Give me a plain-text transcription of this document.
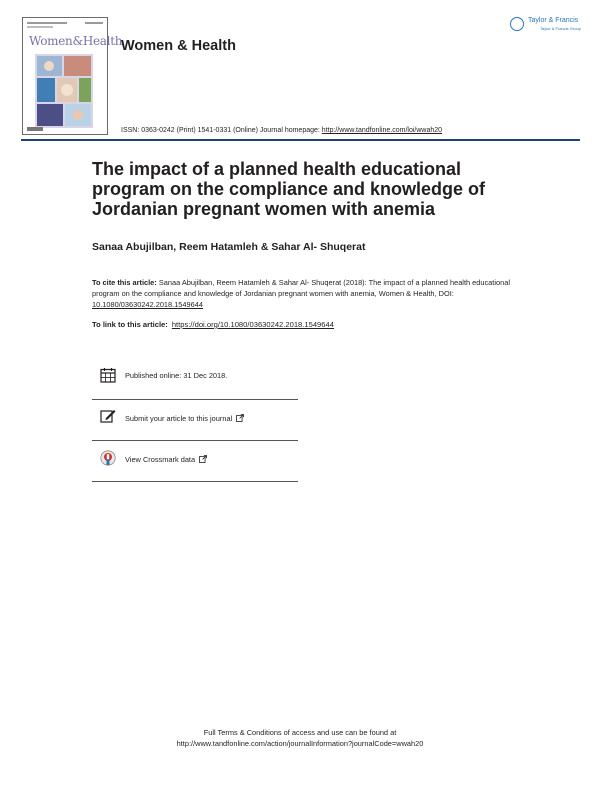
Women&Health
Women & Health
Taylor & Francis
Taylor & Francis Group
ISSN: 0363-0242 (Print) 1541-0331 (Online) Journal homepage: http://www.tandfonline.com/loi/wwah20
The impact of a planned health educational program on the compliance and knowledge of Jordanian pregnant women with anemia
Sanaa Abujilban, Reem Hatamleh & Sahar Al- Shuqerat
To cite this article: Sanaa Abujilban, Reem Hatamleh & Sahar Al- Shuqerat (2018): The impact of a planned health educational program on the compliance and knowledge of Jordanian pregnant women with anemia, Women & Health, DOI: 10.1080/03630242.2018.1549644
To link to this article: https://doi.org/10.1080/03630242.2018.1549644
Published online: 31 Dec 2018.
Submit your article to this journal
View Crossmark data
Full Terms & Conditions of access and use can be found at
http://www.tandfonline.com/action/journalInformation?journalCode=wwah20
